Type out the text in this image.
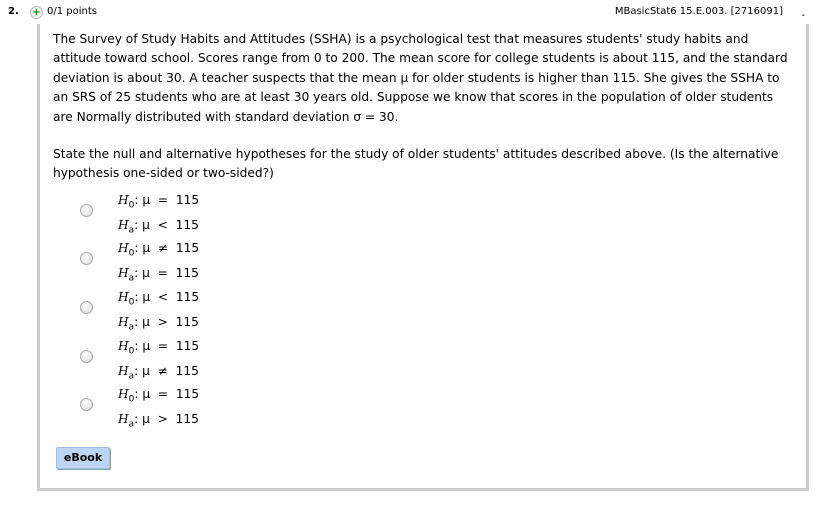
2. + 0/1 points	MBasicStat6 15.E.003. [2716091] -
The Survey of Study Habits and Attitudes (SSHA) is a psychological test that measures students' study habits and attitude toward school. Scores range from 0 to 200. The mean score for college students is about 115, and the standard deviation is about 30. A teacher suspects that the mean μ for older students is higher than 115. She gives the SSHA to an SRS of 25 students who are at least 30 years old. Suppose we know that scores in the population of older students are Normally distributed with standard deviation σ = 30.
State the null and alternative hypotheses for the study of older students' attitudes described above. (Is the alternative hypothesis one-sided or two-sided?)
$H_0$: μ  =  115
$H_a$: μ  <  115
$H_0$: μ  ≠  115
$H_a$: μ  =  115
$H_0$: μ  <  115
$H_a$: μ  >  115
$H_0$: μ  =  115
$H_a$: μ  ≠  115
$H_0$: μ  =  115
$H_a$: μ  >  115
eBook
